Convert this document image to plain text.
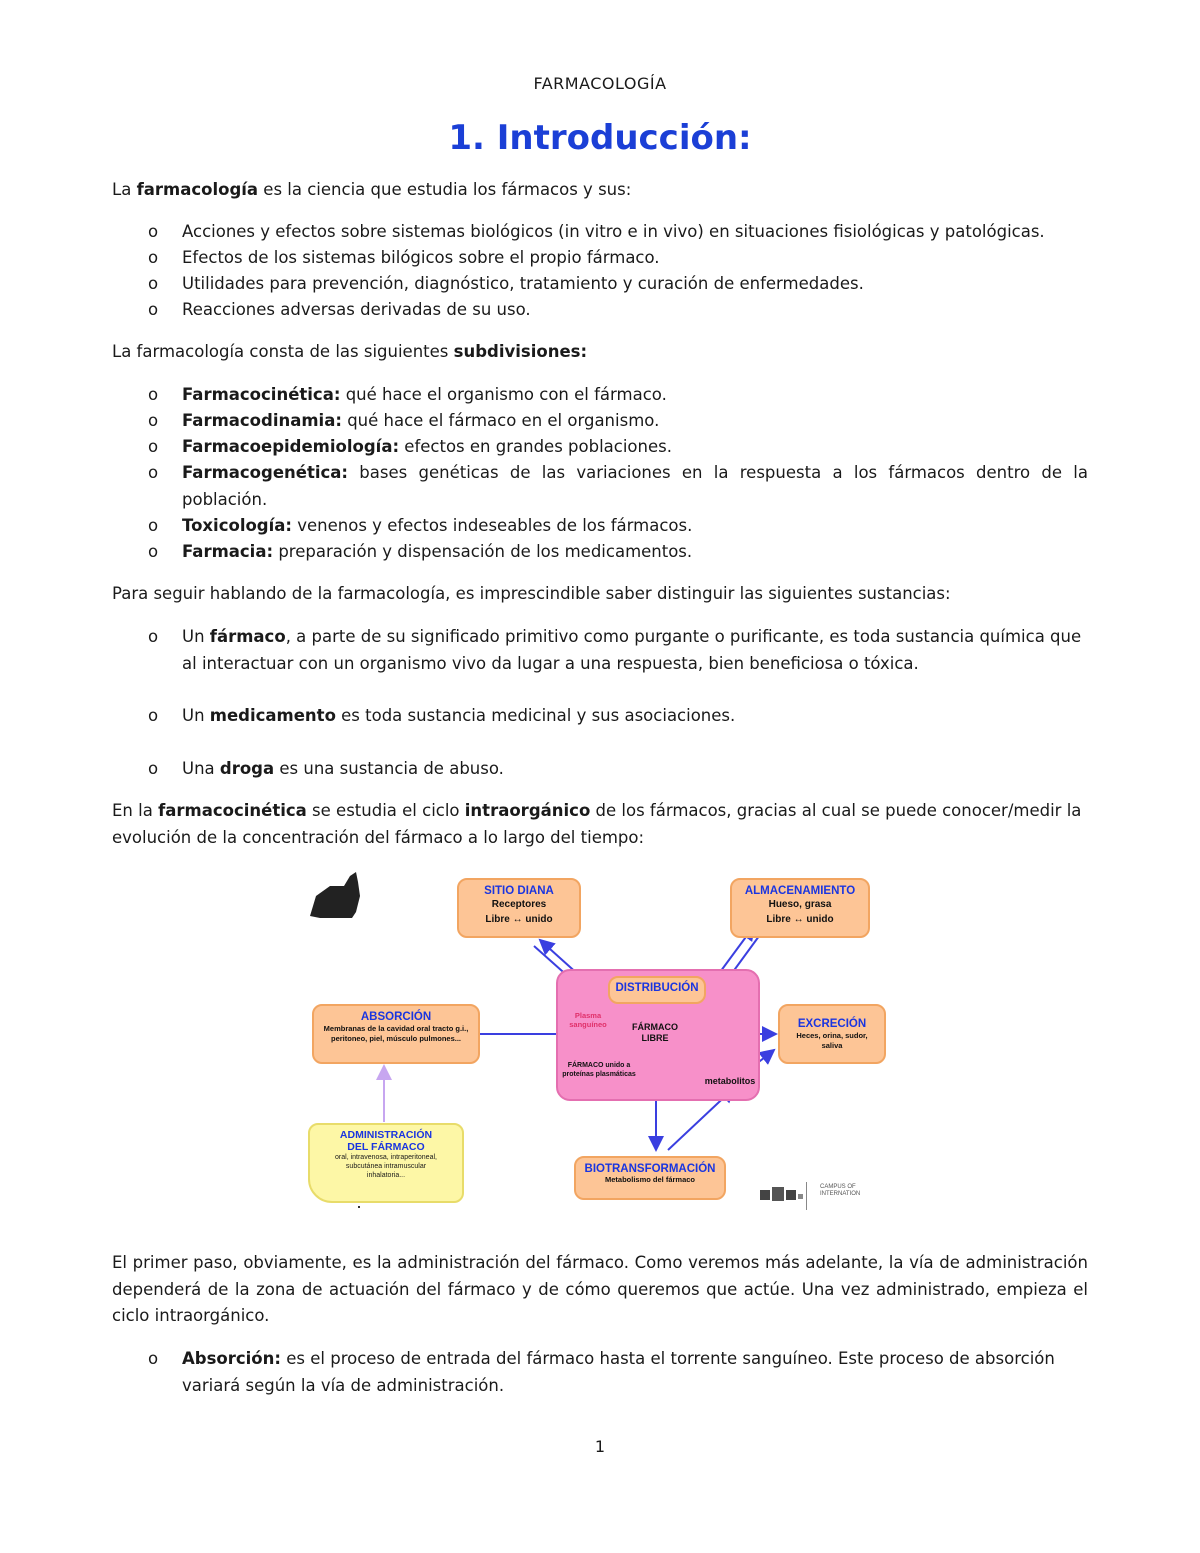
FARMACOLOGÍA
1. Introducción:
La farmacología es la ciencia que estudia los fármacos y sus:
o	Acciones y efectos sobre sistemas biológicos (in vitro e in vivo) en situaciones fisiológicas y patológicas.
o	Efectos de los sistemas bilógicos sobre el propio fármaco.
o	Utilidades para prevención, diagnóstico, tratamiento y curación de enfermedades.
o	Reacciones adversas derivadas de su uso.
La farmacología consta de las siguientes subdivisiones:
o	Farmacocinética: qué hace el organismo con el fármaco.
o	Farmacodinamia: qué hace el fármaco en el organismo.
o	Farmacoepidemiología: efectos en grandes poblaciones.
o	Farmacogenética: bases genéticas de las variaciones en la respuesta a los fármacos dentro de la población.
o	Toxicología: venenos y efectos indeseables de los fármacos.
o	Farmacia: preparación y dispensación de los medicamentos.
Para seguir hablando de la farmacología, es imprescindible saber distinguir las siguientes sustancias:
o	Un fármaco, a parte de su significado primitivo como purgante o purificante, es toda sustancia química que al interactuar con un organismo vivo da lugar a una respuesta, bien beneficiosa o tóxica.
o	Un medicamento es toda sustancia medicinal y sus asociaciones.
o	Una droga es una sustancia de abuso.
En la farmacocinética se estudia el ciclo intraorgánico de los fármacos, gracias al cual se puede conocer/medir la evolución de la concentración del fármaco a lo largo del tiempo:
SITIO DIANA
Receptores
Libre ↔ unido
ALMACENAMIENTO
Hueso, grasa
Libre ↔ unido
DISTRIBUCIÓN
Plasma sanguíneo	FÁRMACO LIBRE
FÁRMACO unido a proteínas plasmáticas
metabolitos
ABSORCIÓN
Membranas de la cavidad oral tracto g.i., peritoneo, piel, músculo pulmones...
EXCRECIÓN
Heces, orina, sudor, saliva
ADMINISTRACIÓN DEL FÁRMACO
oral, intravenosa, intraperitoneal, subcutánea intramuscular inhalatoria...
BIOTRANSFORMACIÓN
Metabolismo del fármaco
CAMPUS OF INTERNATION
El primer paso, obviamente, es la administración del fármaco. Como veremos más adelante, la vía de administración dependerá de la zona de actuación del fármaco y de cómo queremos que actúe. Una vez administrado, empieza el ciclo intraorgánico.
o	Absorción: es el proceso de entrada del fármaco hasta el torrente sanguíneo. Este proceso de absorción variará según la vía de administración.
1
